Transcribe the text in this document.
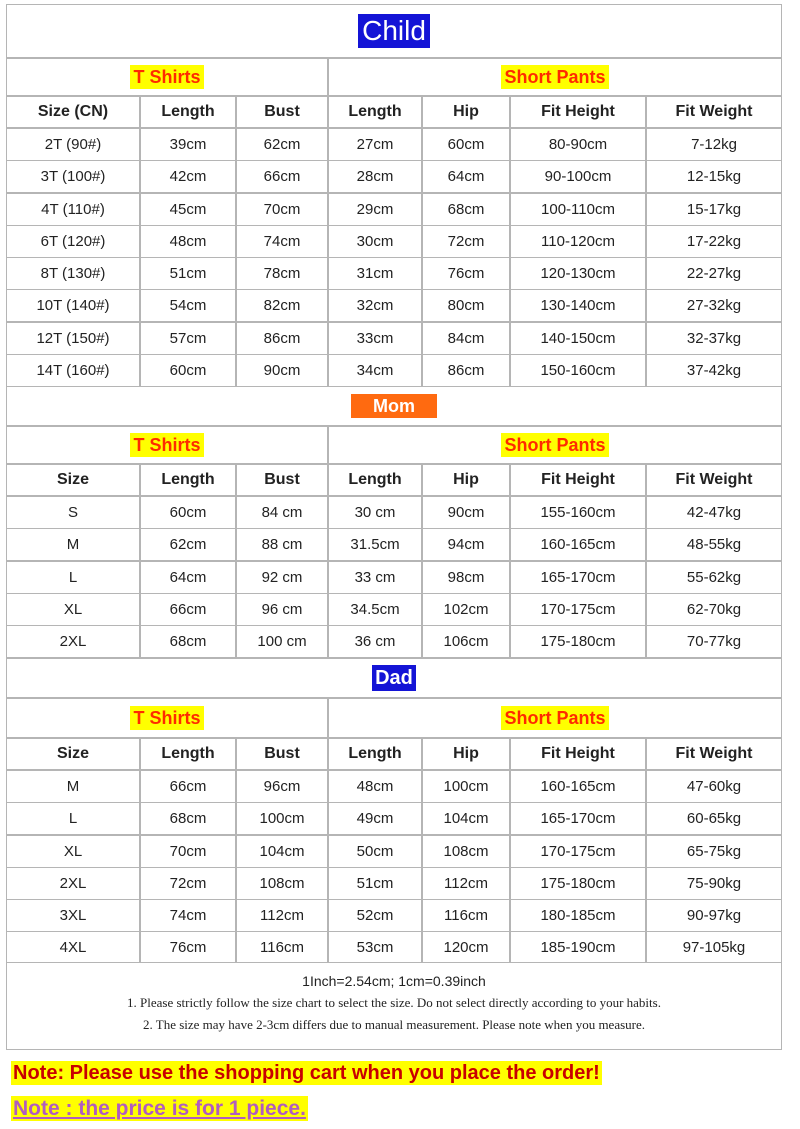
Child
T Shirts	Short Pants
Size (CN)	Length	Bust	Length	Hip	Fit Height	Fit Weight
2T (90#)	39cm	62cm	27cm	60cm	80-90cm	7-12kg
3T (100#)	42cm	66cm	28cm	64cm	90-100cm	12-15kg
4T (110#)	45cm	70cm	29cm	68cm	100-110cm	15-17kg
6T (120#)	48cm	74cm	30cm	72cm	110-120cm	17-22kg
8T (130#)	51cm	78cm	31cm	76cm	120-130cm	22-27kg
10T (140#)	54cm	82cm	32cm	80cm	130-140cm	27-32kg
12T (150#)	57cm	86cm	33cm	84cm	140-150cm	32-37kg
14T (160#)	60cm	90cm	34cm	86cm	150-160cm	37-42kg
Mom
T Shirts	Short Pants
Size	Length	Bust	Length	Hip	Fit Height	Fit Weight
S	60cm	84 cm	30 cm	90cm	155-160cm	42-47kg
M	62cm	88 cm	31.5cm	94cm	160-165cm	48-55kg
L	64cm	92 cm	33 cm	98cm	165-170cm	55-62kg
XL	66cm	96 cm	34.5cm	102cm	170-175cm	62-70kg
2XL	68cm	100 cm	36 cm	106cm	175-180cm	70-77kg
Dad
T Shirts	Short Pants
Size	Length	Bust	Length	Hip	Fit Height	Fit Weight
M	66cm	96cm	48cm	100cm	160-165cm	47-60kg
L	68cm	100cm	49cm	104cm	165-170cm	60-65kg
XL	70cm	104cm	50cm	108cm	170-175cm	65-75kg
2XL	72cm	108cm	51cm	112cm	175-180cm	75-90kg
3XL	74cm	112cm	52cm	116cm	180-185cm	90-97kg
4XL	76cm	116cm	53cm	120cm	185-190cm	97-105kg
1Inch=2.54cm; 1cm=0.39inch
1. Please strictly follow the size chart to select the size. Do not select directly according to your habits.
2. The size may have 2-3cm differs due to manual measurement. Please note when you measure.
Note: Please use the shopping cart when you place the order!
Note : the price is for 1 piece.
